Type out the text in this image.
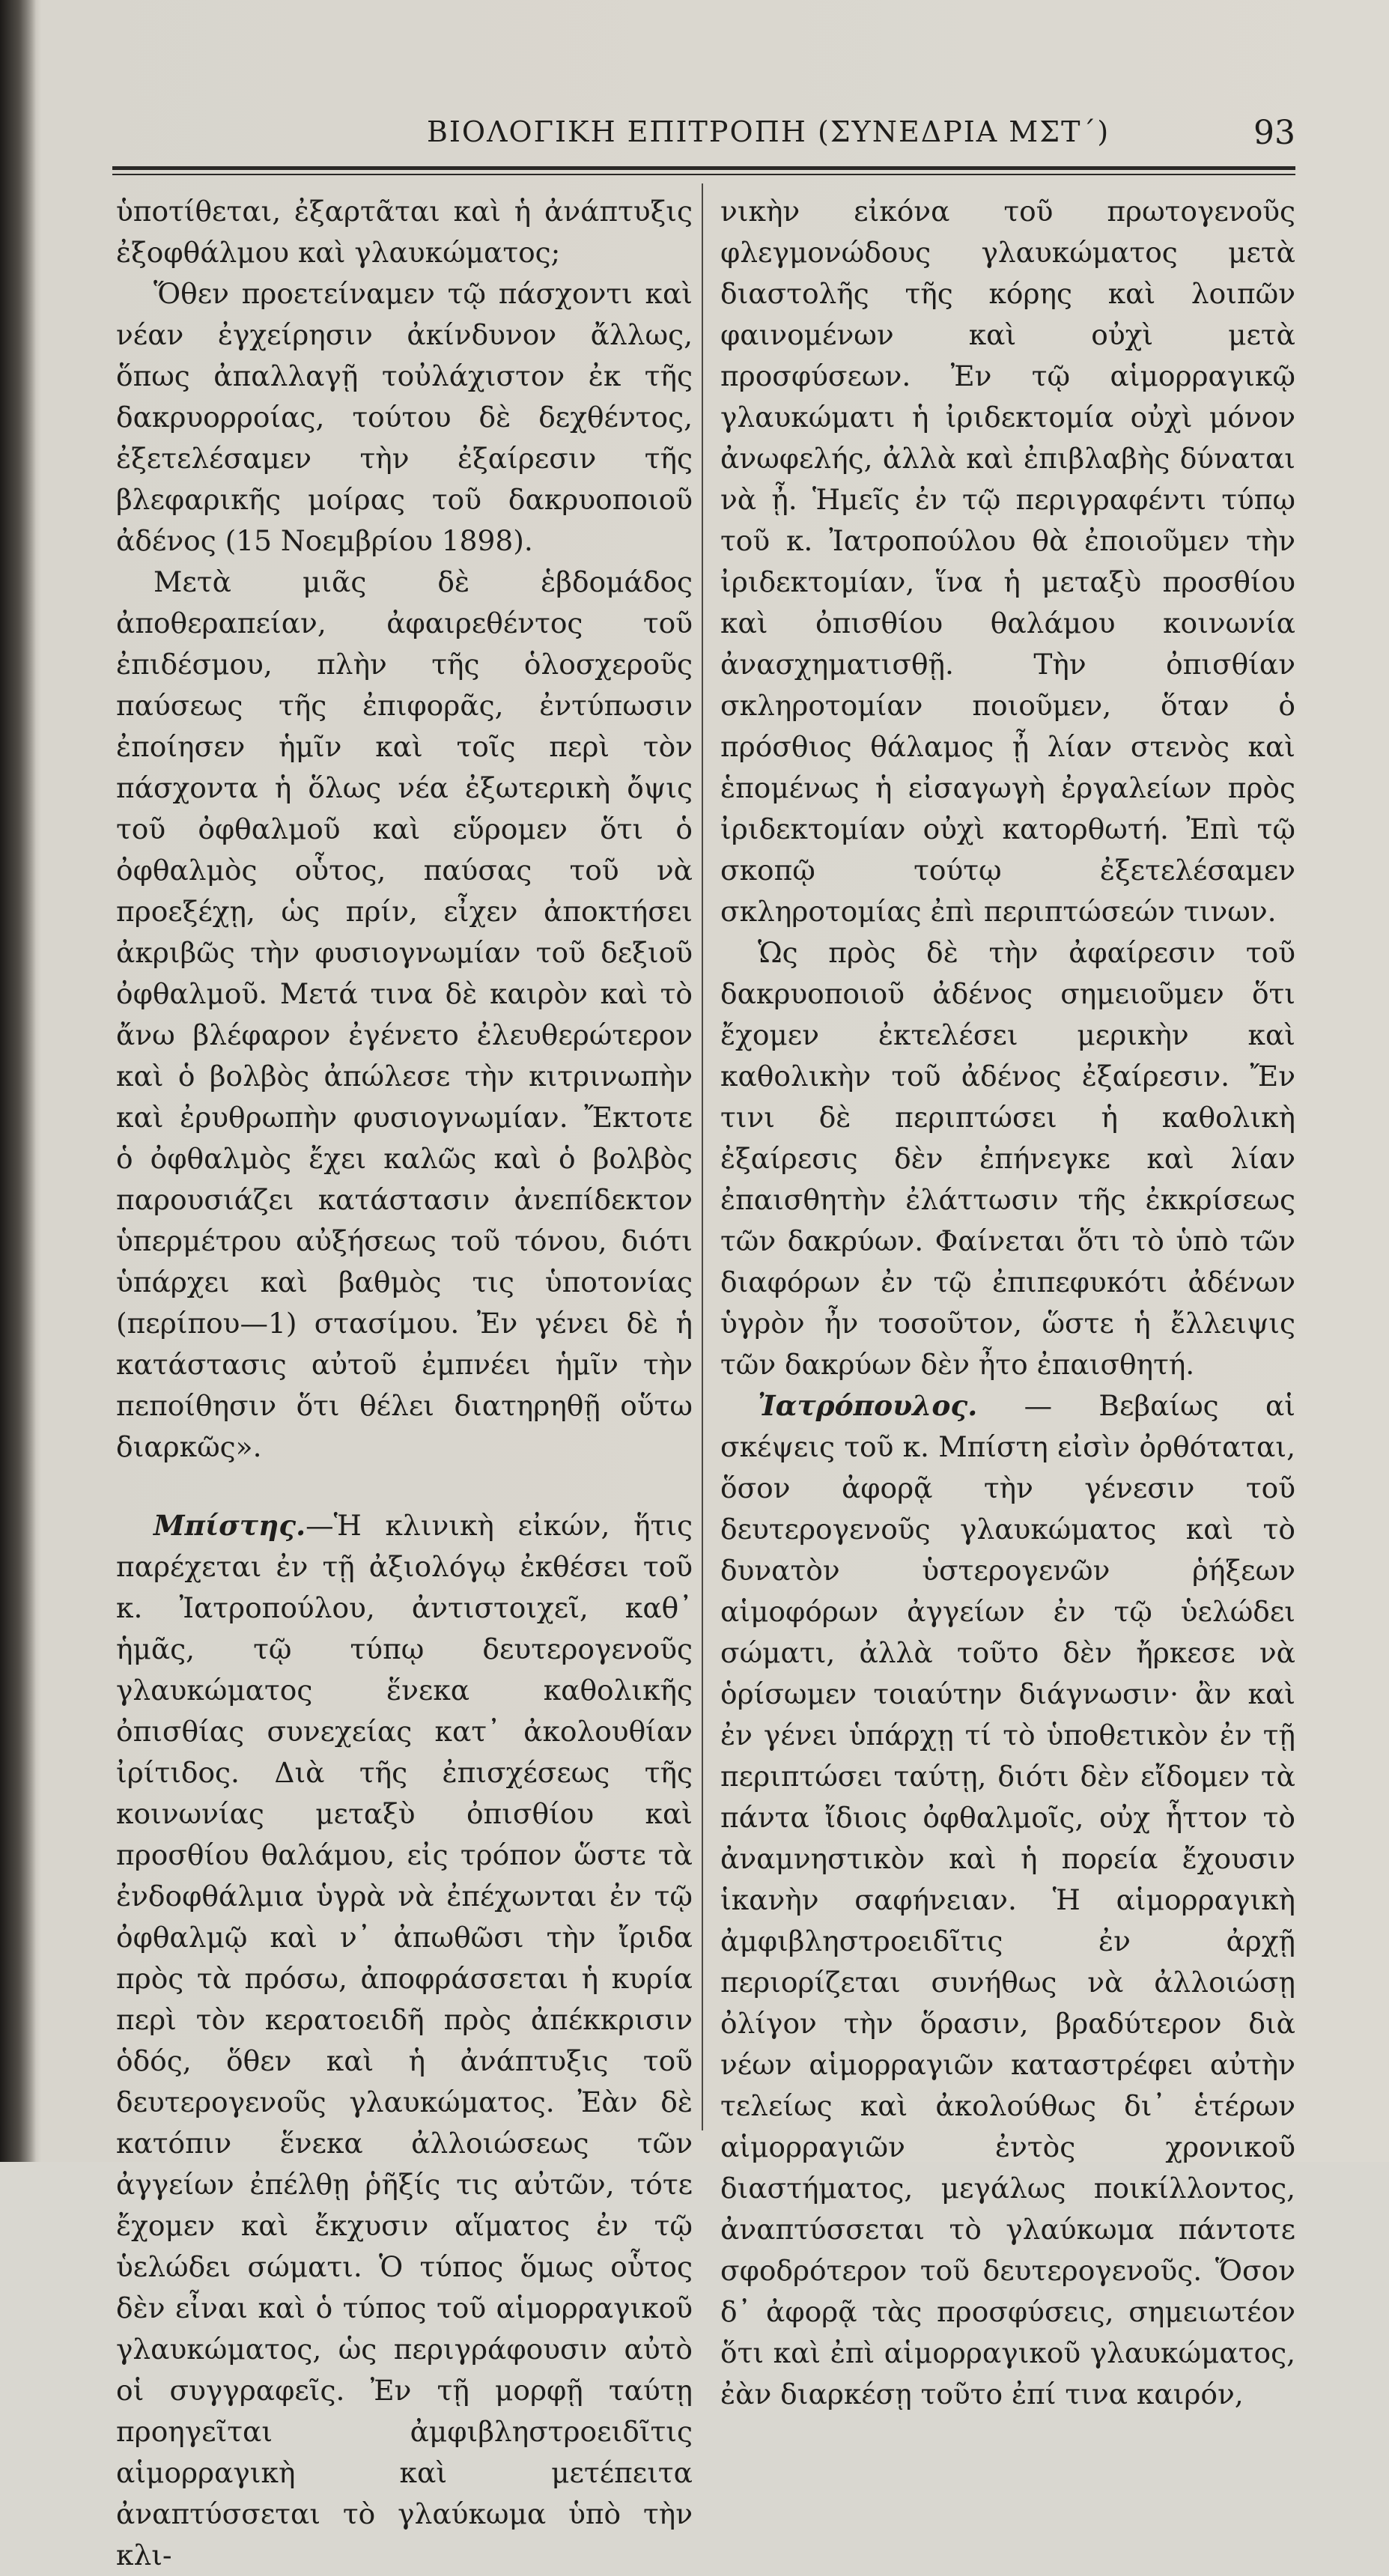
ΒΙΟΛΟΓΙΚΗ ΕΠΙΤΡΟΠΗ (ΣΥΝΕΔΡΙΑ ΜΣΤ΄)	93

ὑποτίθεται, ἐξαρτᾶται καὶ ἡ ἀνάπτυξις ἐξοφθάλμου καὶ γλαυκώματος;

Ὅθεν προετείναμεν τῷ πάσχοντι καὶ νέαν ἐγχείρησιν ἀκίνδυνον ἄλλως, ὅπως ἀπαλλαγῇ τοὐλάχιστον ἐκ τῆς δακρυορροίας, τούτου δὲ δεχθέντος, ἐξετελέσαμεν τὴν ἐξαίρεσιν τῆς βλεφαρικῆς μοίρας τοῦ δακρυοποιοῦ ἀδένος (15 Νοεμβρίου 1898).

Μετὰ μιᾶς δὲ ἑβδομάδος ἀποθεραπείαν, ἀφαιρεθέντος τοῦ ἐπιδέσμου, πλὴν τῆς ὁλοσχεροῦς παύσεως τῆς ἐπιφορᾶς, ἐντύπωσιν ἐποίησεν ἡμῖν καὶ τοῖς περὶ τὸν πάσχοντα ἡ ὅλως νέα ἐξωτερικὴ ὄψις τοῦ ὀφθαλμοῦ καὶ εὕρομεν ὅτι ὁ ὀφθαλμὸς οὗτος, παύσας τοῦ νὰ προεξέχῃ, ὡς πρίν, εἶχεν ἀποκτήσει ἀκριβῶς τὴν φυσιογνωμίαν τοῦ δεξιοῦ ὀφθαλμοῦ. Μετά τινα δὲ καιρὸν καὶ τὸ ἄνω βλέφαρον ἐγένετο ἐλευθερώτερον καὶ ὁ βολβὸς ἀπώλεσε τὴν κιτρινωπὴν καὶ ἐρυθρωπὴν φυσιογνωμίαν. Ἔκτοτε ὁ ὀφθαλμὸς ἔχει καλῶς καὶ ὁ βολβὸς παρουσιάζει κατάστασιν ἀνεπίδεκτον ὑπερμέτρου αὐξήσεως τοῦ τόνου, διότι ὑπάρχει καὶ βαθμὸς τις ὑποτονίας (περίπου—1) στασίμου. Ἐν γένει δὲ ἡ κατάστασις αὐτοῦ ἐμπνέει ἡμῖν τὴν πεποίθησιν ὅτι θέλει διατηρηθῇ οὕτω διαρκῶς».

Μπίστης.—Ἡ κλινικὴ εἰκών, ἥτις παρέχεται ἐν τῇ ἀξιολόγῳ ἐκθέσει τοῦ κ. Ἰατροπούλου, ἀντιστοιχεῖ, καθ᾽ ἡμᾶς, τῷ τύπῳ δευτερογενοῦς γλαυκώματος ἕνεκα καθολικῆς ὀπισθίας συνεχείας κατ᾽ ἀκολουθίαν ἰρίτιδος. Διὰ τῆς ἐπισχέσεως τῆς κοινωνίας μεταξὺ ὀπισθίου καὶ προσθίου θαλάμου, εἰς τρόπον ὥστε τὰ ἐνδοφθάλμια ὑγρὰ νὰ ἐπέχωνται ἐν τῷ ὀφθαλμῷ καὶ ν᾽ ἀπωθῶσι τὴν ἴριδα πρὸς τὰ πρόσω, ἀποφράσσεται ἡ κυρία περὶ τὸν κερατοειδῆ πρὸς ἀπέκκρισιν ὁδός, ὅθεν καὶ ἡ ἀνάπτυξις τοῦ δευτερογενοῦς γλαυκώματος. Ἐὰν δὲ κατόπιν ἕνεκα ἀλλοιώσεως τῶν ἀγγείων ἐπέλθῃ ῥῆξίς τις αὐτῶν, τότε ἔχομεν καὶ ἔκχυσιν αἵματος ἐν τῷ ὑελώδει σώματι. Ὁ τύπος ὅμως οὗτος δὲν εἶναι καὶ ὁ τύπος τοῦ αἱμορραγικοῦ γλαυκώματος, ὡς περιγράφουσιν αὐτὸ οἱ συγγραφεῖς. Ἐν τῇ μορφῇ ταύτῃ προηγεῖται ἀμφιβληστροειδῖτις αἱμορραγικὴ καὶ μετέπειτα ἀναπτύσσεται τὸ γλαύκωμα ὑπὸ τὴν κλι-

νικὴν εἰκόνα τοῦ πρωτογενοῦς φλεγμονώδους γλαυκώματος μετὰ διαστολῆς τῆς κόρης καὶ λοιπῶν φαινομένων καὶ οὐχὶ μετὰ προσφύσεων. Ἐν τῷ αἱμορραγικῷ γλαυκώματι ἡ ἰριδεκτομία οὐχὶ μόνον ἀνωφελής, ἀλλὰ καὶ ἐπιβλαβὴς δύναται νὰ ᾖ. Ἡμεῖς ἐν τῷ περιγραφέντι τύπῳ τοῦ κ. Ἰατροπούλου θὰ ἐποιοῦμεν τὴν ἰριδεκτομίαν, ἵνα ἡ μεταξὺ προσθίου καὶ ὀπισθίου θαλάμου κοινωνία ἀνασχηματισθῇ. Τὴν ὀπισθίαν σκληροτομίαν ποιοῦμεν, ὅταν ὁ πρόσθιος θάλαμος ᾖ λίαν στενὸς καὶ ἑπομένως ἡ εἰσαγωγὴ ἐργαλείων πρὸς ἰριδεκτομίαν οὐχὶ κατορθωτή. Ἐπὶ τῷ σκοπῷ τούτῳ ἐξετελέσαμεν σκληροτομίας ἐπὶ περιπτώσεών τινων.

Ὡς πρὸς δὲ τὴν ἀφαίρεσιν τοῦ δακρυοποιοῦ ἀδένος σημειοῦμεν ὅτι ἔχομεν ἐκτελέσει μερικὴν καὶ καθολικὴν τοῦ ἀδένος ἐξαίρεσιν. Ἔν τινι δὲ περιπτώσει ἡ καθολικὴ ἐξαίρεσις δὲν ἐπήνεγκε καὶ λίαν ἐπαισθητὴν ἐλάττωσιν τῆς ἐκκρίσεως τῶν δακρύων. Φαίνεται ὅτι τὸ ὑπὸ τῶν διαφόρων ἐν τῷ ἐπιπεφυκότι ἀδένων ὑγρὸν ἦν τοσοῦτον, ὥστε ἡ ἔλλειψις τῶν δακρύων δὲν ἦτο ἐπαισθητή.

Ἰατρόπουλος. — Βεβαίως αἱ σκέψεις τοῦ κ. Μπίστη εἰσὶν ὀρθόταται, ὅσον ἀφορᾷ τὴν γένεσιν τοῦ δευτερογενοῦς γλαυκώματος καὶ τὸ δυνατὸν ὑστερογενῶν ῥήξεων αἱμοφόρων ἀγγείων ἐν τῷ ὑελώδει σώματι, ἀλλὰ τοῦτο δὲν ἤρκεσε νὰ ὁρίσωμεν τοιαύτην διάγνωσιν· ἂν καὶ ἐν γένει ὑπάρχῃ τί τὸ ὑποθετικὸν ἐν τῇ περιπτώσει ταύτῃ, διότι δὲν εἴδομεν τὰ πάντα ἴδιοις ὀφθαλμοῖς, οὐχ ἧττον τὸ ἀναμνηστικὸν καὶ ἡ πορεία ἔχουσιν ἱκανὴν σαφήνειαν. Ἡ αἱμορραγικὴ ἀμφιβληστροειδῖτις ἐν ἀρχῇ περιορίζεται συνήθως νὰ ἀλλοιώσῃ ὀλίγον τὴν ὅρασιν, βραδύτερον διὰ νέων αἱμορραγιῶν καταστρέφει αὐτὴν τελείως καὶ ἀκολούθως δι᾽ ἑτέρων αἱμορραγιῶν ἐντὸς χρονικοῦ διαστήματος, μεγάλως ποικίλλοντος, ἀναπτύσσεται τὸ γλαύκωμα πάντοτε σφοδρότερον τοῦ δευτερογενοῦς. Ὅσον δ᾽ ἀφορᾷ τὰς προσφύσεις, σημειωτέον ὅτι καὶ ἐπὶ αἱμορραγικοῦ γλαυκώματος, ἐὰν διαρκέσῃ τοῦτο ἐπί τινα καιρόν,
